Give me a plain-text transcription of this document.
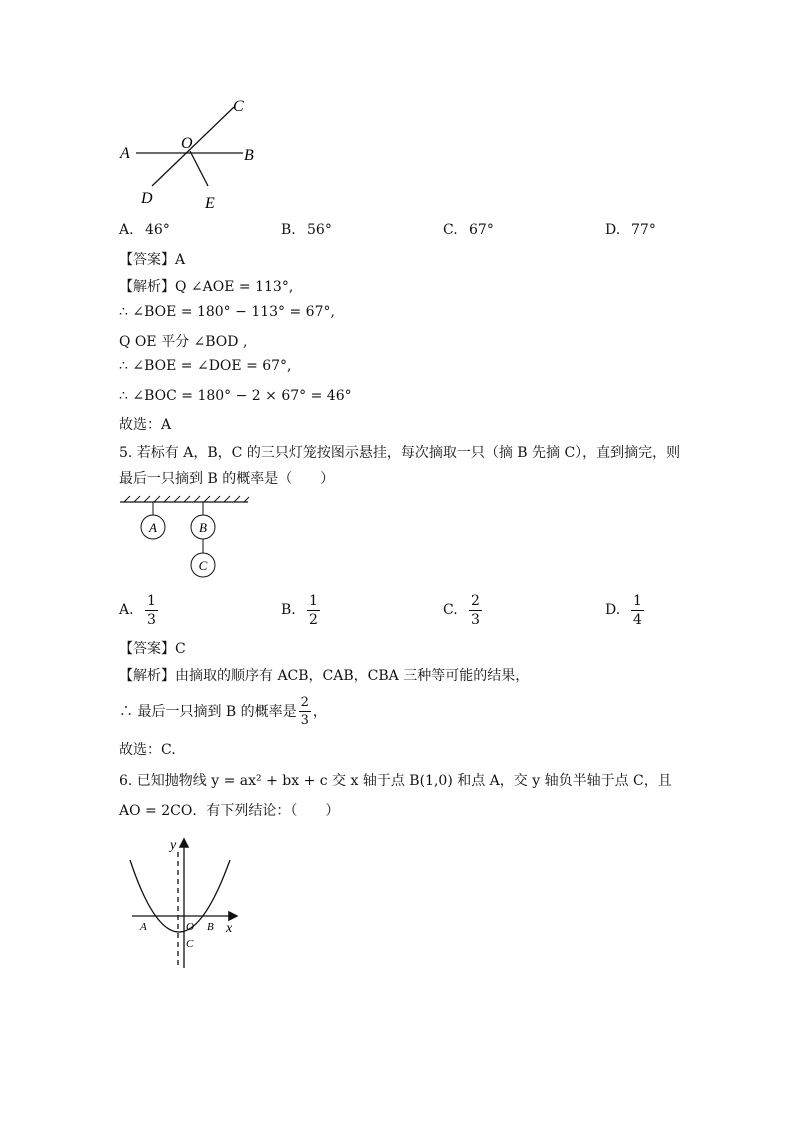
A	B
C
D	E
O
A. 46°	B. 56°	C. 67°	D. 77°
【答案】A
【解析】Q ∠AOE = 113°,
∴ ∠BOE = 180° − 113° = 67°,
Q OE 平分 ∠BOD ,
∴ ∠BOE = ∠DOE = 67°,
∴ ∠BOC = 180° − 2 × 67° = 46°
故选：A
5. 若标有 A，B，C 的三只灯笼按图示悬挂，每次摘取一只（摘 B 先摘 C），直到摘完，则
最后一只摘到 B 的概率是（　　）
A	B
C
A. $\frac{1}{3}$	B. $\frac{1}{2}$	C. $\frac{2}{3}$	D. $\frac{1}{4}$
【答案】C
【解析】由摘取的顺序有 ACB，CAB，CBA 三种等可能的结果，
∴ 最后一只摘到 B 的概率是 $\frac{2}{3}$ ，
故选：C.
6. 已知抛物线 y = ax² + bx + c 交 x 轴于点 B(1,0) 和点 A，交 y 轴负半轴于点 C，且
AO = 2CO．有下列结论：（　　）
y
x
A	O B
C
